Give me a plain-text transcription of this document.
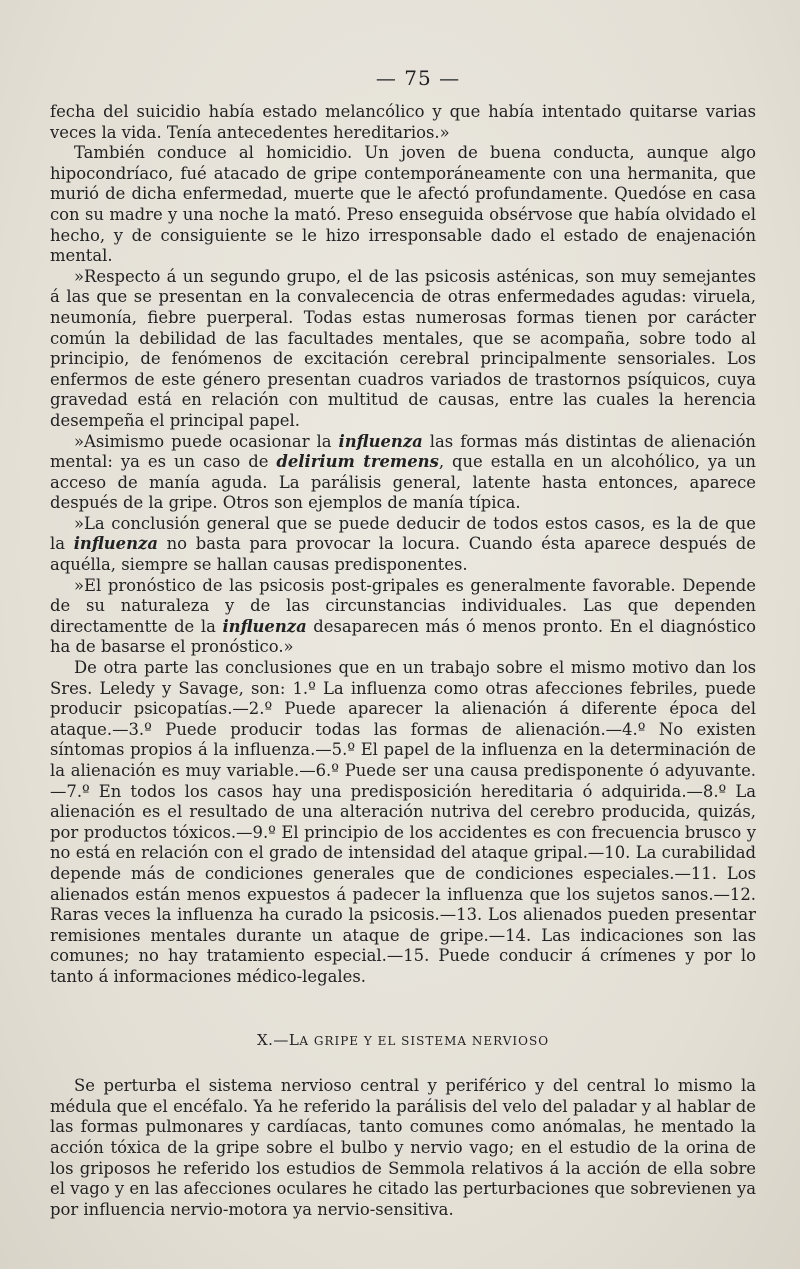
— 75 —

fecha del suicidio había estado melancólico y que había intentado quitarse varias veces la vida. Tenía antecedentes hereditarios.»

También conduce al homicidio. Un joven de buena conducta, aunque algo hipocondríaco, fué atacado de gripe contemporáneamente con una hermanita, que murió de dicha enfermedad, muerte que le afectó profundamente. Quedóse en casa con su madre y una noche la mató. Preso enseguida obsérvose que había olvidado el hecho, y de consiguiente se le hizo irresponsable dado el estado de enajenación mental.

»Respecto á un segundo grupo, el de las psicosis asténicas, son muy semejantes á las que se presentan en la convalecencia de otras enfermedades agudas: viruela, neumonía, fiebre puerperal. Todas estas numerosas formas tienen por carácter común la debilidad de las facultades mentales, que se acompaña, sobre todo al principio, de fenómenos de excitación cerebral principalmente sensoriales. Los enfermos de este género presentan cuadros variados de trastornos psíquicos, cuya gravedad está en relación con multitud de causas, entre las cuales la herencia desempeña el principal papel.

»Asimismo puede ocasionar la influenza las formas más distintas de alienación mental: ya es un caso de delirium tremens, que estalla en un alcohólico, ya un acceso de manía aguda. La parálisis general, latente hasta entonces, aparece después de la gripe. Otros son ejemplos de manía típica.

»La conclusión general que se puede deducir de todos estos casos, es la de que la influenza no basta para provocar la locura. Cuando ésta aparece después de aquélla, siempre se hallan causas predisponentes.

»El pronóstico de las psicosis post-gripales es generalmente favorable. Depende de su naturaleza y de las circunstancias individuales. Las que dependen directamentte de la influenza desaparecen más ó menos pronto. En el diagnóstico ha de basarse el pronóstico.»

De otra parte las conclusiones que en un trabajo sobre el mismo motivo dan los Sres. Leledy y Savage, son: 1.º La influenza como otras afecciones febriles, puede producir psicopatías.—2.º Puede aparecer la alienación á diferente época del ataque.—3.º Puede producir todas las formas de alienación.—4.º No existen síntomas propios á la influenza.—5.º El papel de la influenza en la determinación de la alienación es muy variable.—6.º Puede ser una causa predisponente ó adyuvante.—7.º En todos los casos hay una predisposición hereditaria ó adquirida.—8.º La alienación es el resultado de una alteración nutriva del cerebro producida, quizás, por productos tóxicos.—9.º El principio de los accidentes es con frecuencia brusco y no está en relación con el grado de intensidad del ataque gripal.—10. La curabilidad depende más de condiciones generales que de condiciones especiales.—11. Los alienados están menos expuestos á padecer la influenza que los sujetos sanos.—12. Raras veces la influenza ha curado la psicosis.—13. Los alienados pueden presentar remisiones mentales durante un ataque de gripe.—14. Las indicaciones son las comunes; no hay tratamiento especial.—15. Puede conducir á crímenes y por lo tanto á informaciones médico-legales.

X.—LA GRIPE Y EL SISTEMA NERVIOSO

Se perturba el sistema nervioso central y periférico y del central lo mismo la médula que el encéfalo. Ya he referido la parálisis del velo del paladar y al hablar de las formas pulmonares y cardíacas, tanto comunes como anómalas, he mentado la acción tóxica de la gripe sobre el bulbo y nervio vago; en el estudio de la orina de los griposos he referido los estudios de Semmola relativos á la acción de ella sobre el vago y en las afecciones oculares he citado las perturbaciones que sobrevienen ya por influencia nervio-motora ya nervio-sensitiva.
